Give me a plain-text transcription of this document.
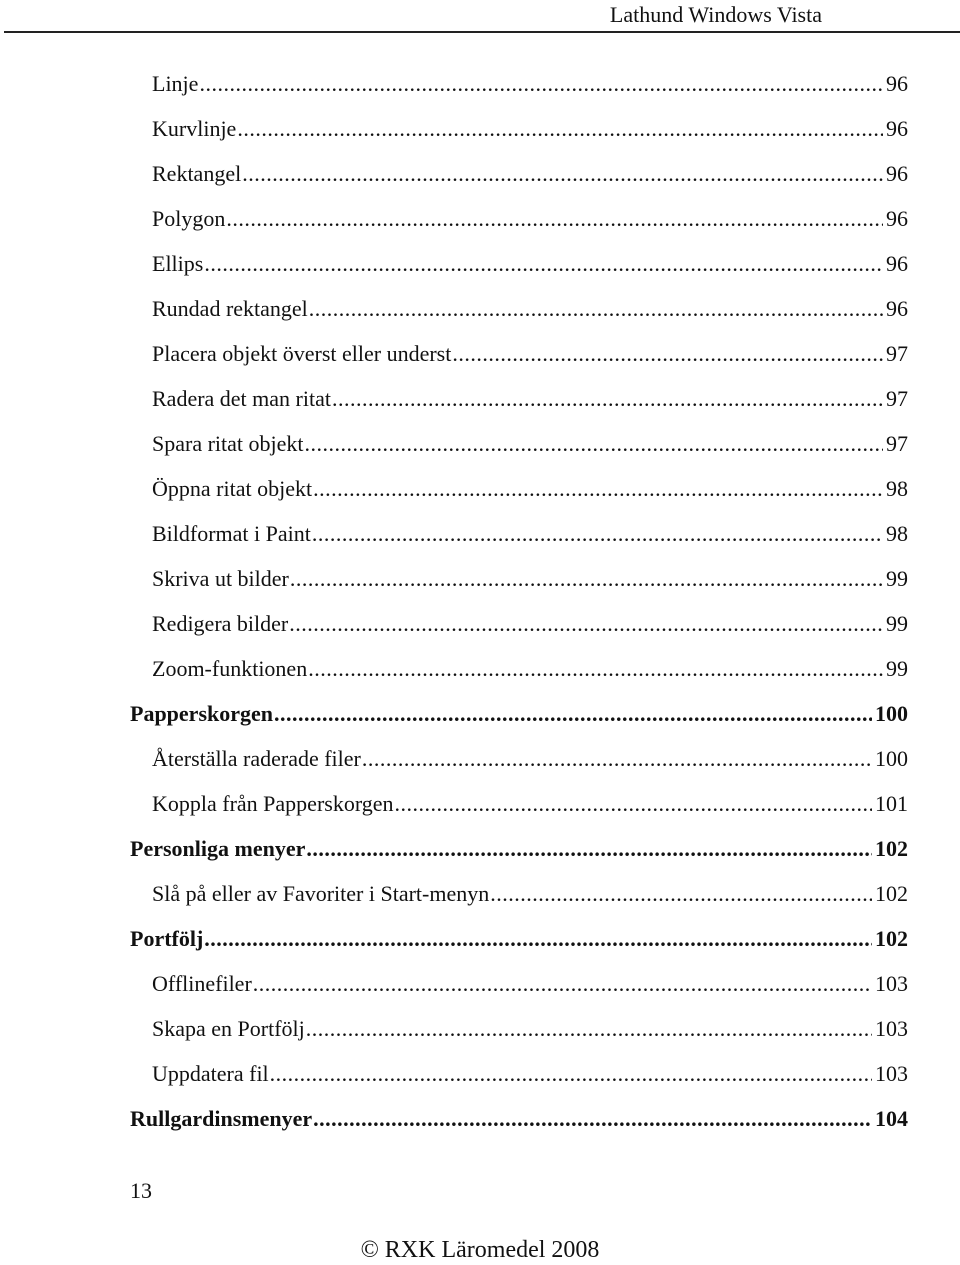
Lathund Windows Vista
Linje .....	96
Kurvlinje .....	96
Rektangel .....	96
Polygon .....	96
Ellips .....	96
Rundad rektangel .....	96
Placera objekt överst eller underst .....	97
Radera det man ritat .....	97
Spara ritat objekt .....	97
Öppna ritat objekt .....	98
Bildformat i Paint .....	98
Skriva ut bilder .....	99
Redigera bilder .....	99
Zoom-funktionen .....	99
Papperskorgen .....	100
Återställa raderade filer .....	100
Koppla från Papperskorgen .....	101
Personliga menyer .....	102
Slå på eller av Favoriter i Start-menyn .....	102
Portfölj .....	102
Offlinefiler .....	103
Skapa en Portfölj .....	103
Uppdatera fil .....	103
Rullgardinsmenyer .....	104
13
© RXK Läromedel 2008
